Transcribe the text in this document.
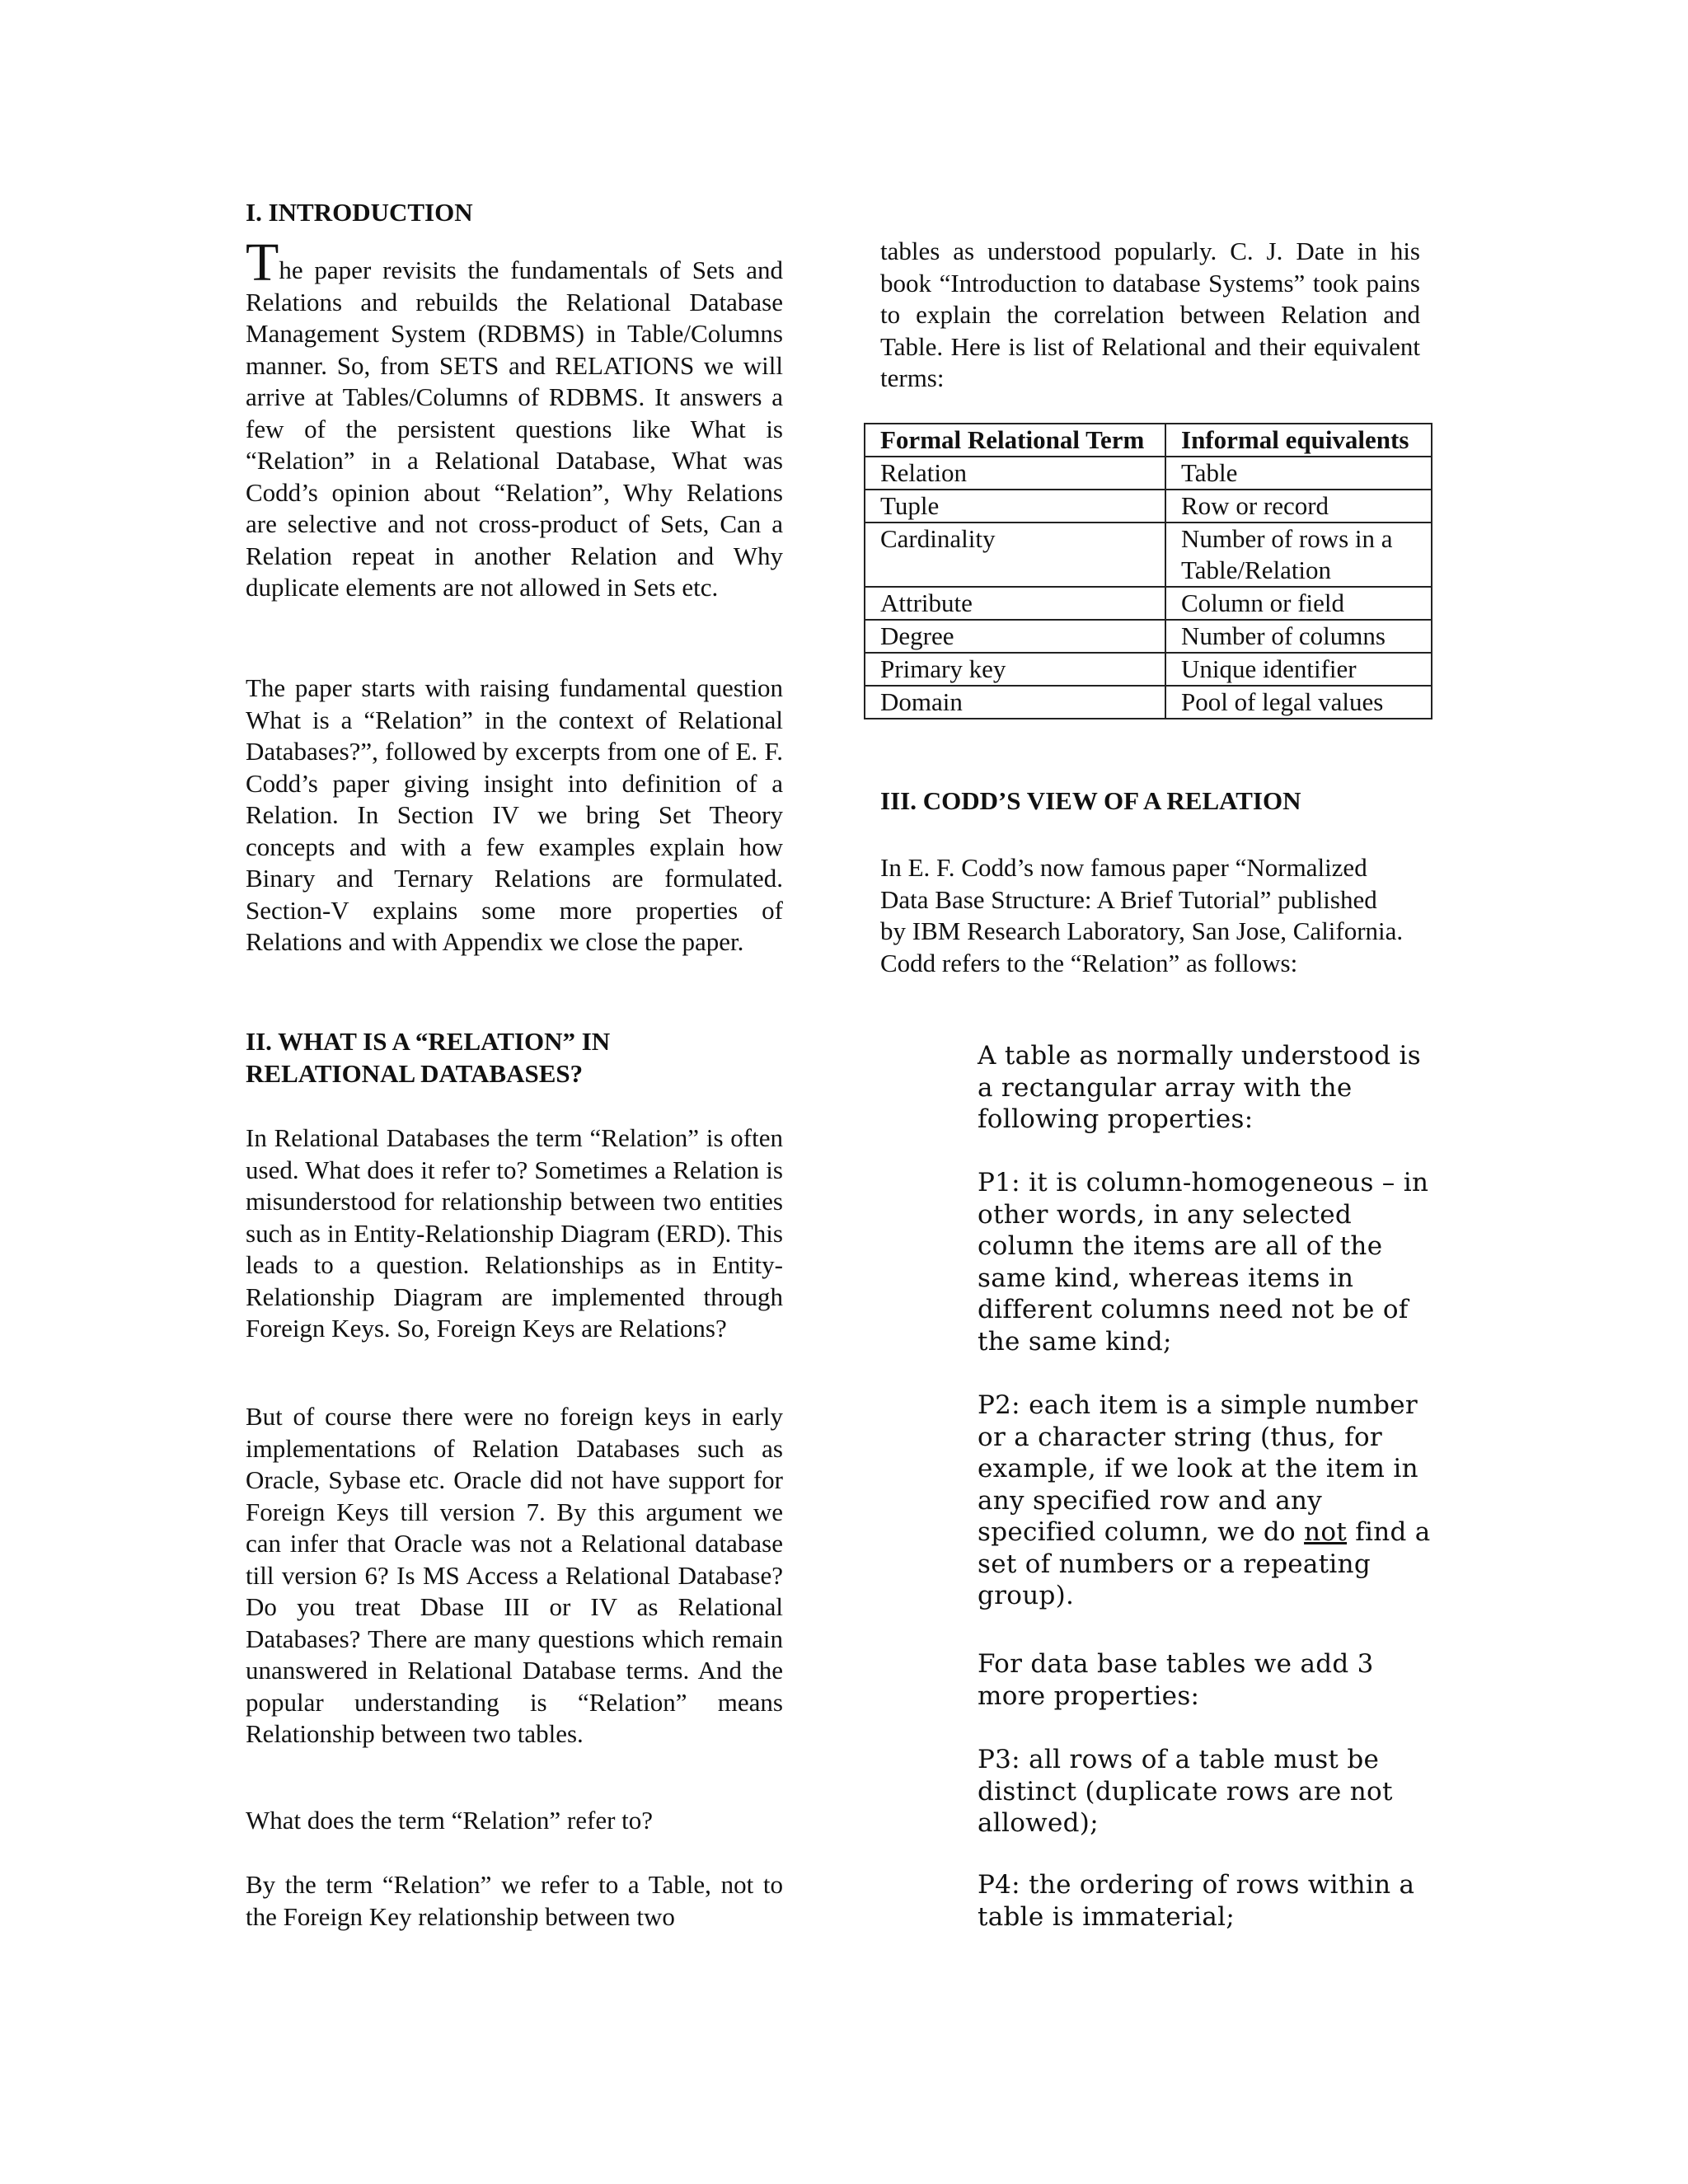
I. INTRODUCTION

The paper revisits the fundamentals of Sets and Relations and rebuilds the Relational Database Management System (RDBMS) in Table/Columns manner. So, from SETS and RELATIONS we will arrive at Tables/Columns of RDBMS. It answers a few of the persistent questions like What is “Relation” in a Relational Database, What was Codd’s opinion about “Relation”, Why Relations are selective and not cross-product of Sets, Can a Relation repeat in another Relation and Why duplicate elements are not allowed in Sets etc.

The paper starts with raising fundamental question What is a “Relation” in the context of Relational Databases?”, followed by excerpts from one of E. F. Codd’s paper giving insight into definition of a Relation. In Section IV we bring Set Theory concepts and with a few examples explain how Binary and Ternary Relations are formulated. Section-V explains some more properties of Relations and with Appendix we close the paper.

II. WHAT IS A “RELATION” IN
RELATIONAL DATABASES?

In Relational Databases the term “Relation” is often used. What does it refer to? Sometimes a Relation is misunderstood for relationship between two entities such as in Entity-Relationship Diagram (ERD). This leads to a question. Relationships as in Entity-Relationship Diagram are implemented through Foreign Keys. So, Foreign Keys are Relations?

But of course there were no foreign keys in early implementations of Relation Databases such as Oracle, Sybase etc. Oracle did not have support for Foreign Keys till version 7. By this argument we can infer that Oracle was not a Relational database till version 6? Is MS Access a Relational Database? Do you treat Dbase III or IV as Relational Databases? There are many questions which remain unanswered in Relational Database terms. And the popular understanding is “Relation” means Relationship between two tables.

What does the term “Relation” refer to?

By the term “Relation” we refer to a Table, not to the Foreign Key relationship between two

tables as understood popularly. C. J. Date in his book “Introduction to database Systems” took pains to explain the correlation between Relation and Table. Here is list of Relational and their equivalent terms:

Formal Relational Term	Informal equivalents
Relation	Table
Tuple	Row or record
Cardinality	Number of rows in a Table/Relation
Attribute	Column or field
Degree	Number of columns
Primary key	Unique identifier
Domain	Pool of legal values
III. CODD’S VIEW OF A RELATION

In E. F. Codd’s now famous paper “Normalized Data Base Structure: A Brief Tutorial” published by IBM Research Laboratory, San Jose, California. Codd refers to the “Relation” as follows:

A table as normally understood is a rectangular array with the following properties:

P1: it is column-homogeneous – in other words, in any selected column the items are all of the same kind, whereas items in different columns need not be of the same kind;

P2: each item is a simple number or a character string (thus, for example, if we look at the item in any specified row and any specified column, we do not find a set of numbers or a repeating group).

For data base tables we add 3 more properties:

P3: all rows of a table must be distinct (duplicate rows are not allowed);

P4: the ordering of rows within a table is immaterial;
